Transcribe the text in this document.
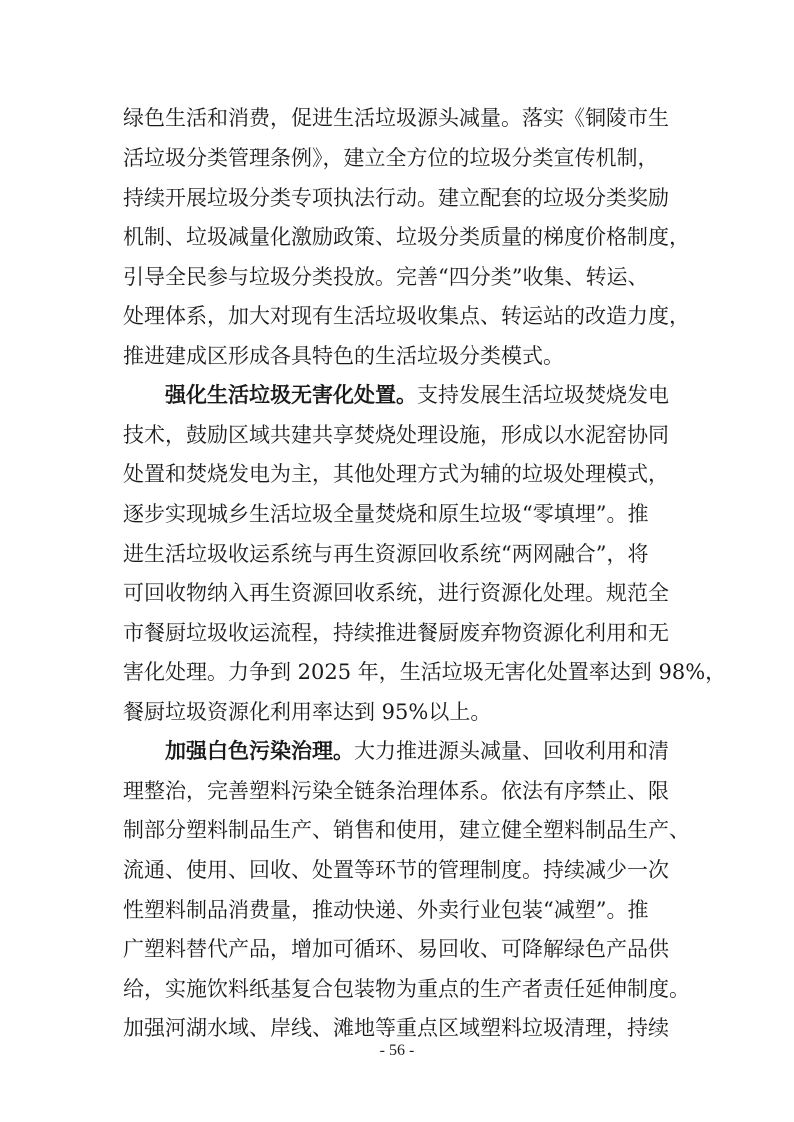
绿色生活和消费，促进生活垃圾源头减量。落实《铜陵市生
活垃圾分类管理条例》，建立全方位的垃圾分类宣传机制，
持续开展垃圾分类专项执法行动。建立配套的垃圾分类奖励
机制、垃圾减量化激励政策、垃圾分类质量的梯度价格制度，
引导全民参与垃圾分类投放。完善“四分类”收集、转运、
处理体系，加大对现有生活垃圾收集点、转运站的改造力度，
推进建成区形成各具特色的生活垃圾分类模式。
强化生活垃圾无害化处置。支持发展生活垃圾焚烧发电
技术，鼓励区域共建共享焚烧处理设施，形成以水泥窑协同
处置和焚烧发电为主，其他处理方式为辅的垃圾处理模式，
逐步实现城乡生活垃圾全量焚烧和原生垃圾“零填埋”。推
进生活垃圾收运系统与再生资源回收系统“两网融合”，将
可回收物纳入再生资源回收系统，进行资源化处理。规范全
市餐厨垃圾收运流程，持续推进餐厨废弃物资源化利用和无
害化处理。力争到 2025 年，生活垃圾无害化处置率达到 98%，
餐厨垃圾资源化利用率达到 95%以上。
加强白色污染治理。大力推进源头减量、回收利用和清
理整治，完善塑料污染全链条治理体系。依法有序禁止、限
制部分塑料制品生产、销售和使用，建立健全塑料制品生产、
流通、使用、回收、处置等环节的管理制度。持续减少一次
性塑料制品消费量，推动快递、外卖行业包装“减塑”。推
广塑料替代产品，增加可循环、易回收、可降解绿色产品供
给，实施饮料纸基复合包装物为重点的生产者责任延伸制度。
加强河湖水域、岸线、滩地等重点区域塑料垃圾清理，持续
- 56 -
